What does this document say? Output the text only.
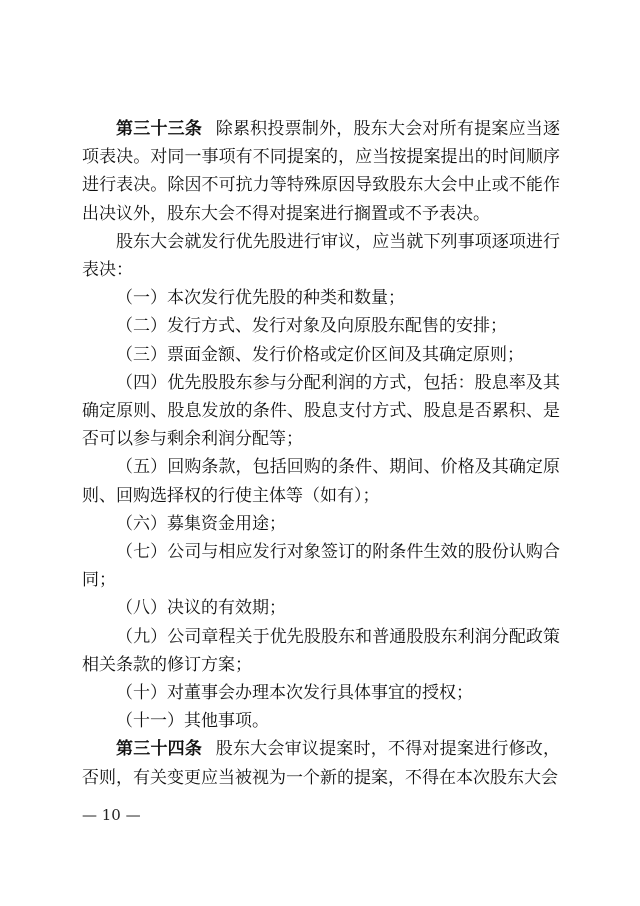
第三十三条 除累积投票制外，股东大会对所有提案应当逐项表决。对同一事项有不同提案的，应当按提案提出的时间顺序进行表决。除因不可抗力等特殊原因导致股东大会中止或不能作出决议外，股东大会不得对提案进行搁置或不予表决。

股东大会就发行优先股进行审议，应当就下列事项逐项进行表决：

（一）本次发行优先股的种类和数量；

（二）发行方式、发行对象及向原股东配售的安排；

（三）票面金额、发行价格或定价区间及其确定原则；

（四）优先股股东参与分配利润的方式，包括：股息率及其确定原则、股息发放的条件、股息支付方式、股息是否累积、是否可以参与剩余利润分配等；

（五）回购条款，包括回购的条件、期间、价格及其确定原则、回购选择权的行使主体等（如有）；

（六）募集资金用途；

（七）公司与相应发行对象签订的附条件生效的股份认购合同；

（八）决议的有效期；

（九）公司章程关于优先股股东和普通股股东利润分配政策相关条款的修订方案；

（十）对董事会办理本次发行具体事宜的授权；

（十一）其他事项。

第三十四条 股东大会审议提案时，不得对提案进行修改，否则，有关变更应当被视为一个新的提案，不得在本次股东大会

— 10 —
